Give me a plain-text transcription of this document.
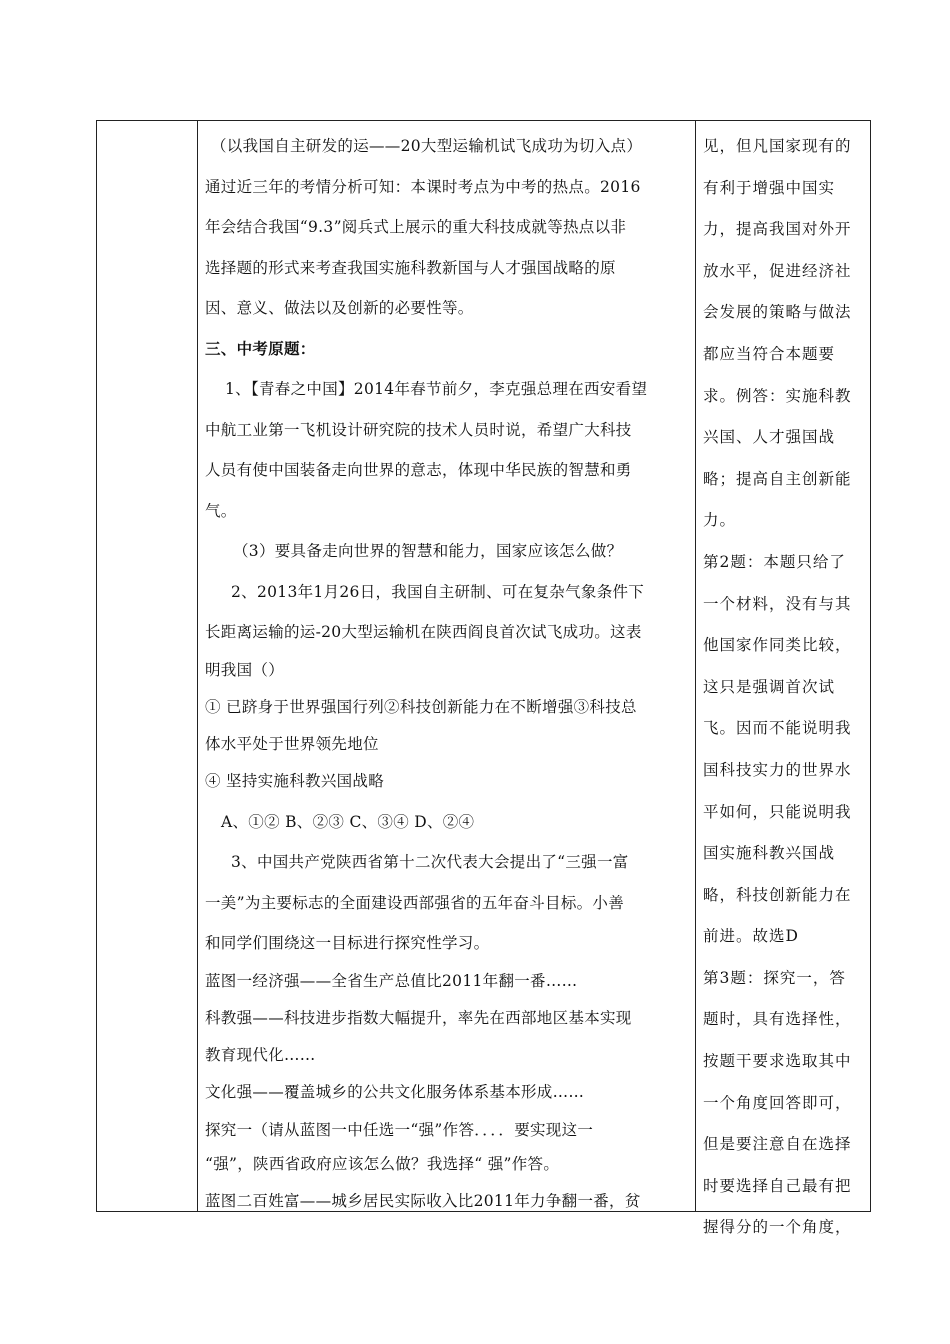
（以我国自主研发的运——20大型运输机试飞成功为切入点）
通过近三年的考情分析可知：本课时考点为中考的热点。2016
年会结合我国“9.3”阅兵式上展示的重大科技成就等热点以非
选择题的形式来考查我国实施科教新国与人才强国战略的原
因、意义、做法以及创新的必要性等。
三、中考原题：
1、【青春之中国】2014年春节前夕，李克强总理在西安看望
中航工业第一飞机设计研究院的技术人员时说，希望广大科技
人员有使中国装备走向世界的意志，体现中华民族的智慧和勇
气。
（3）要具备走向世界的智慧和能力，国家应该怎么做？
2、2013年1月26日，我国自主研制、可在复杂气象条件下
长距离运输的运-20大型运输机在陕西阎良首次试飞成功。这表
明我国（）
① 已跻身于世界强国行列②科技创新能力在不断增强③科技总
体水平处于世界领先地位
④ 坚持实施科教兴国战略
A、①② B、②③ C、③④ D、②④
3、中国共产党陕西省第十二次代表大会提出了“三强一富
一美”为主要标志的全面建设西部强省的五年奋斗目标。小善
和同学们围绕这一目标进行探究性学习。
蓝图一经济强——全省生产总值比2011年翻一番……
科教强——科技进步指数大幅提升，率先在西部地区基本实现
教育现代化……
文化强——覆盖城乡的公共文化服务体系基本形成……
探究一（请从蓝图一中任选一“强”作答．．．．要实现这一
“强”，陕西省政府应该怎么做？我选择“ 强”作答。
蓝图二百姓富——城乡居民实际收入比2011年力争翻一番，贫
见，但凡国家现有的
有利于增强中国实
力，提高我国对外开
放水平，促进经济社
会发展的策略与做法
都应当符合本题要
求。例答：实施科教
兴国、人才强国战
略；提高自主创新能
力。
第2题：本题只给了
一个材料，没有与其
他国家作同类比较，
这只是强调首次试
飞。因而不能说明我
国科技实力的世界水
平如何，只能说明我
国实施科教兴国战
略，科技创新能力在
前进。故选D
第3题：探究一，答
题时，具有选择性，
按题干要求选取其中
一个角度回答即可，
但是要注意自在选择
时要选择自己最有把
握得分的一个角度，
